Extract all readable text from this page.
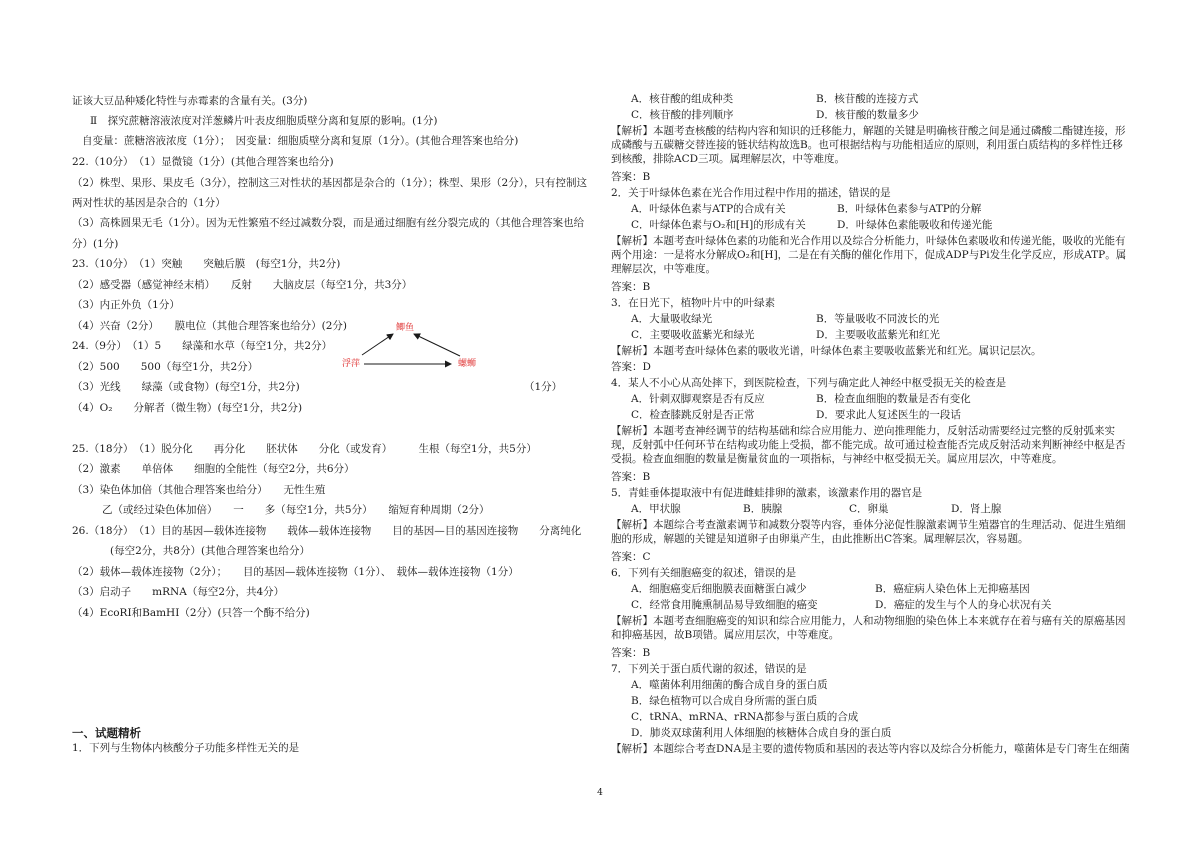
证该大豆品种矮化特性与赤霉素的含量有关。(3分)
Ⅱ　探究蔗糖溶液浓度对洋葱鳞片叶表皮细胞质壁分离和复原的影响。(1分)
自变量：蔗糖溶液浓度（1分）；　因变量：细胞质壁分离和复原（1分）。(其他合理答案也给分)
22.（10分）　（1）显微镜（1分）(其他合理答案也给分)
（2）株型、果形、果皮毛（3分），控制这三对性状的基因都是杂合的（1分）；株型、果形（2分），只有控制这
两对性状的基因是杂合的（1分）
（3）高株圆果无毛（1分）。因为无性繁殖不经过减数分裂，而是通过细胞有丝分裂完成的（其他合理答案也给
分）(1分)
23.（10分）　（1）突触　　突触后膜　(每空1分，共2分)
（2）感受器（感觉神经末梢）　　反射　　大脑皮层（每空1分，共3分）
（3）内正外负（1分）
（4）兴奋（2分）　　膜电位（其他合理答案也给分）(2分)
24.（9分）　（1）5　　绿藻和水草（每空1分，共2分）
（2）500　　500（每空1分，共2分）
（3）光线　　绿藻（或食物）(每空1分，共2分)	（1分）
（4）O₂　　分解者（微生物）(每空1分，共2分)
25.（18分）　（1）脱分化　　再分化　　胚状体　　分化（或发育）　　　生根（每空1分，共5分）
（2）激素　　单倍体　　细胞的全能性（每空2分，共6分）
（3）染色体加倍（其他合理答案也给分）　　无性生殖
乙（或经过染色体加倍）　　一　　多（每空1分，共5分）　　缩短育种周期（2分）
26.（18分）　（1）目的基因—载体连接物　　载体—载体连接物　　目的基因—目的基因连接物　　分离纯化
(每空2分，共8分）(其他合理答案也给分）
（2）载体—载体连接物（2分）；　　目的基因—载体连接物（1分）、　载体—载体连接物（1分）
（3）启动子　　mRNA（每空2分，共4分）
（4）EcoRI和BamHI（2分）(只答一个酶不给分)
一、试题精析
1．下列与生物体内核酸分子功能多样性无关的是
鲫鱼
浮萍	螺蛳
A．核苷酸的组成种类	B．核苷酸的连接方式
C．核苷酸的排列顺序	D．核苷酸的数量多少
【解析】本题考查核酸的结构内容和知识的迁移能力，解题的关键是明确核苷酸之间是通过磷酸二酯键连接，形成磷酸与五碳糖交替连接的链状结构故选B。也可根据结构与功能相适应的原则，利用蛋白质结构的多样性迁移到核酸，排除ACD三项。属理解层次，中等难度。
答案：B
2．关于叶绿体色素在光合作用过程中作用的描述，错误的是
A．叶绿体色素与ATP的合成有关	B．叶绿体色素参与ATP的分解
C．叶绿体色素与O₂和[H]的形成有关	D．叶绿体色素能吸收和传递光能
【解析】本题考查叶绿体色素的功能和光合作用以及综合分析能力，叶绿体色素吸收和传递光能，吸收的光能有两个用途：一是将水分解成O₂和[H]，二是在有关酶的催化作用下，促成ADP与Pi发生化学反应，形成ATP。属理解层次，中等难度。
答案：B
3．在日光下，植物叶片中的叶绿素
A．大量吸收绿光	B．等量吸收不同波长的光
C．主要吸收蓝紫光和绿光	D．主要吸收蓝紫光和红光
【解析】本题考查叶绿体色素的吸收光谱，叶绿体色素主要吸收蓝紫光和红光。属识记层次。
答案：D
4．某人不小心从高处摔下，到医院检查，下列与确定此人神经中枢受损无关的检查是
A．针刺双脚观察是否有反应	B．检查血细胞的数量是否有变化
C．检查膝跳反射是否正常	D．要求此人复述医生的一段话
【解析】本题考查神经调节的结构基础和综合应用能力、逆向推理能力，反射活动需要经过完整的反射弧来实现，反射弧中任何环节在结构或功能上受损，都不能完成。故可通过检查能否完成反射活动来判断神经中枢是否受损。检查血细胞的数量是衡量贫血的一项指标，与神经中枢受损无关。属应用层次，中等难度。
答案：B
5．青蛙垂体提取液中有促进雌蛙排卵的激素，该激素作用的器官是
A．甲状腺	B．胰腺	C．卵巢	D．肾上腺
【解析】本题综合考查激素调节和减数分裂等内容，垂体分泌促性腺激素调节生殖器官的生理活动、促进生殖细胞的形成，解题的关键是知道卵子由卵巢产生，由此推断出C答案。属理解层次，容易题。
答案：C
6．下列有关细胞癌变的叙述，错误的是
A．细胞癌变后细胞膜表面糖蛋白减少	B．癌症病人染色体上无抑癌基因
C．经常食用腌熏制品易导致细胞的癌变	D．癌症的发生与个人的身心状况有关
【解析】本题考查细胞癌变的知识和综合应用能力，人和动物细胞的染色体上本来就存在着与癌有关的原癌基因和抑癌基因，故B项错。属应用层次，中等难度。
答案：B
7．下列关于蛋白质代谢的叙述，错误的是
A．噬菌体利用细菌的酶合成自身的蛋白质
B．绿色植物可以合成自身所需的蛋白质
C．tRNA、mRNA、rRNA都参与蛋白质的合成
D．肺炎双球菌利用人体细胞的核糖体合成自身的蛋白质
【解析】本题综合考查DNA是主要的遗传物质和基因的表达等内容以及综合分析能力，噬菌体是专门寄生在细菌
4
